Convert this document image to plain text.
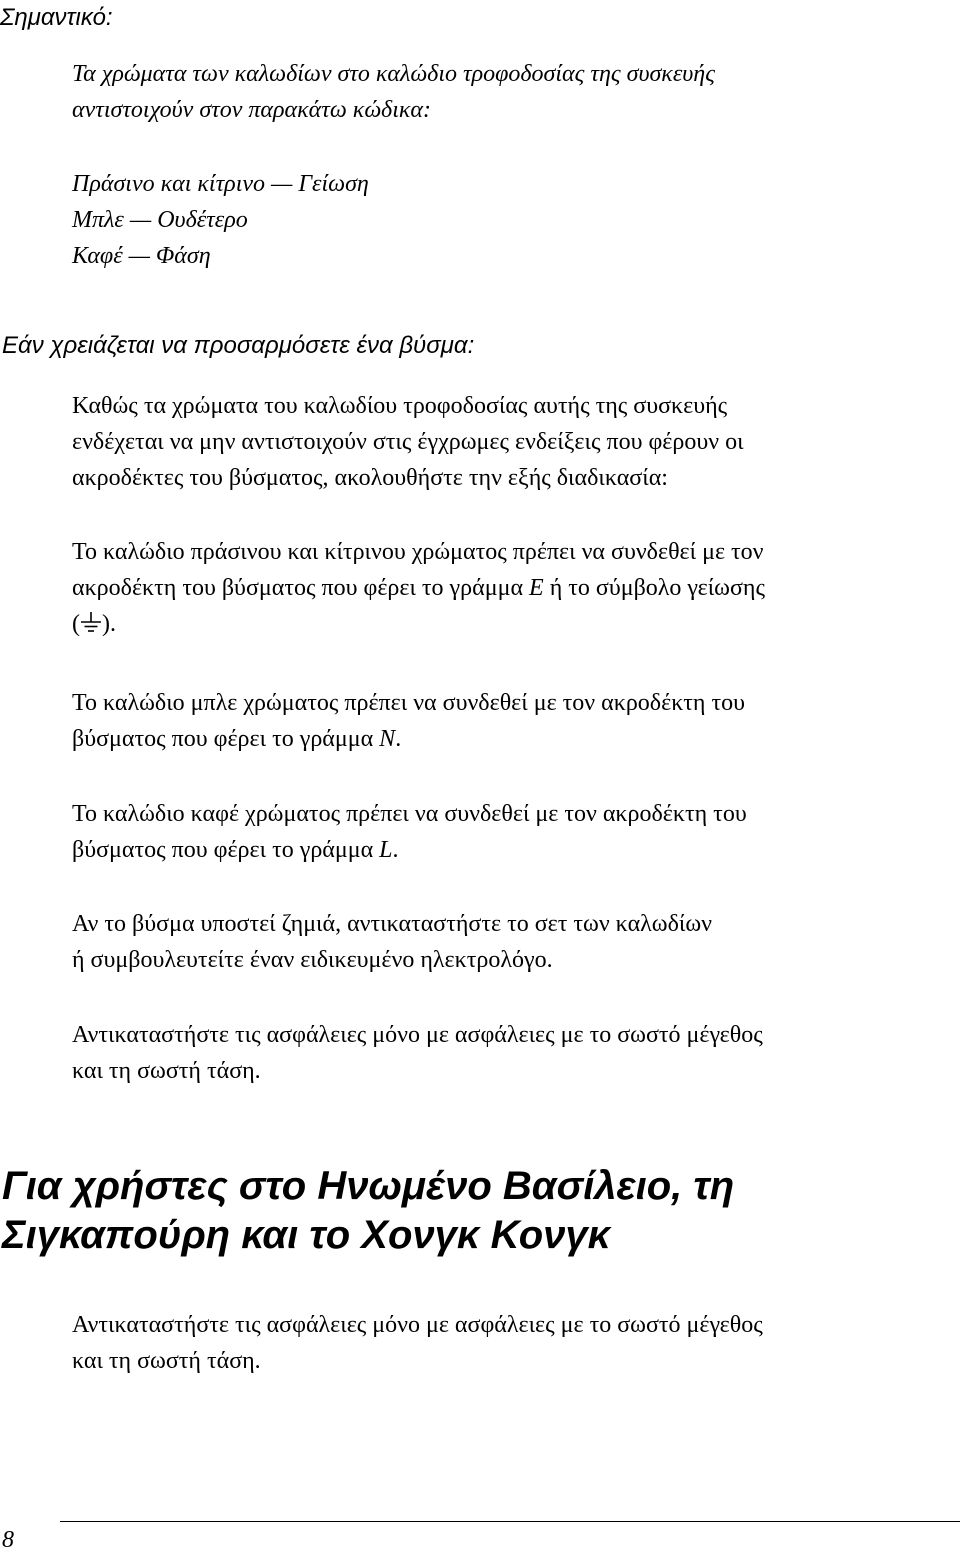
Σημαντικό:
Τα χρώματα των καλωδίων στο καλώδιο τροφοδοσίας της συσκευής
αντιστοιχούν στον παρακάτω κώδικα:
Πράσινο και κίτρινο — Γείωση
Μπλε — Ουδέτερο
Καφέ — Φάση
Εάν χρειάζεται να προσαρμόσετε ένα βύσμα:
Καθώς τα χρώματα του καλωδίου τροφοδοσίας αυτής της συσκευής
ενδέχεται να μην αντιστοιχούν στις έγχρωμες ενδείξεις που φέρουν οι
ακροδέκτες του βύσματος, ακολουθήστε την εξής διαδικασία:
Το καλώδιο πράσινου και κίτρινου χρώματος πρέπει να συνδεθεί με τον
ακροδέκτη του βύσματος που φέρει το γράμμα E ή το σύμβολο γείωσης
( ).
Το καλώδιο μπλε χρώματος πρέπει να συνδεθεί με τον ακροδέκτη του
βύσματος που φέρει το γράμμα N.
Το καλώδιο καφέ χρώματος πρέπει να συνδεθεί με τον ακροδέκτη του
βύσματος που φέρει το γράμμα L.
Αν το βύσμα υποστεί ζημιά, αντικαταστήστε το σετ των καλωδίων
ή συμβουλευτείτε έναν ειδικευμένο ηλεκτρολόγο.
Αντικαταστήστε τις ασφάλειες μόνο με ασφάλειες με το σωστό μέγεθος
και τη σωστή τάση.
Για χρήστες στο Ηνωμένο Βασίλειο, τη
Σιγκαπούρη και το Χονγκ Κονγκ
Αντικαταστήστε τις ασφάλειες μόνο με ασφάλειες με το σωστό μέγεθος
και τη σωστή τάση.
8
